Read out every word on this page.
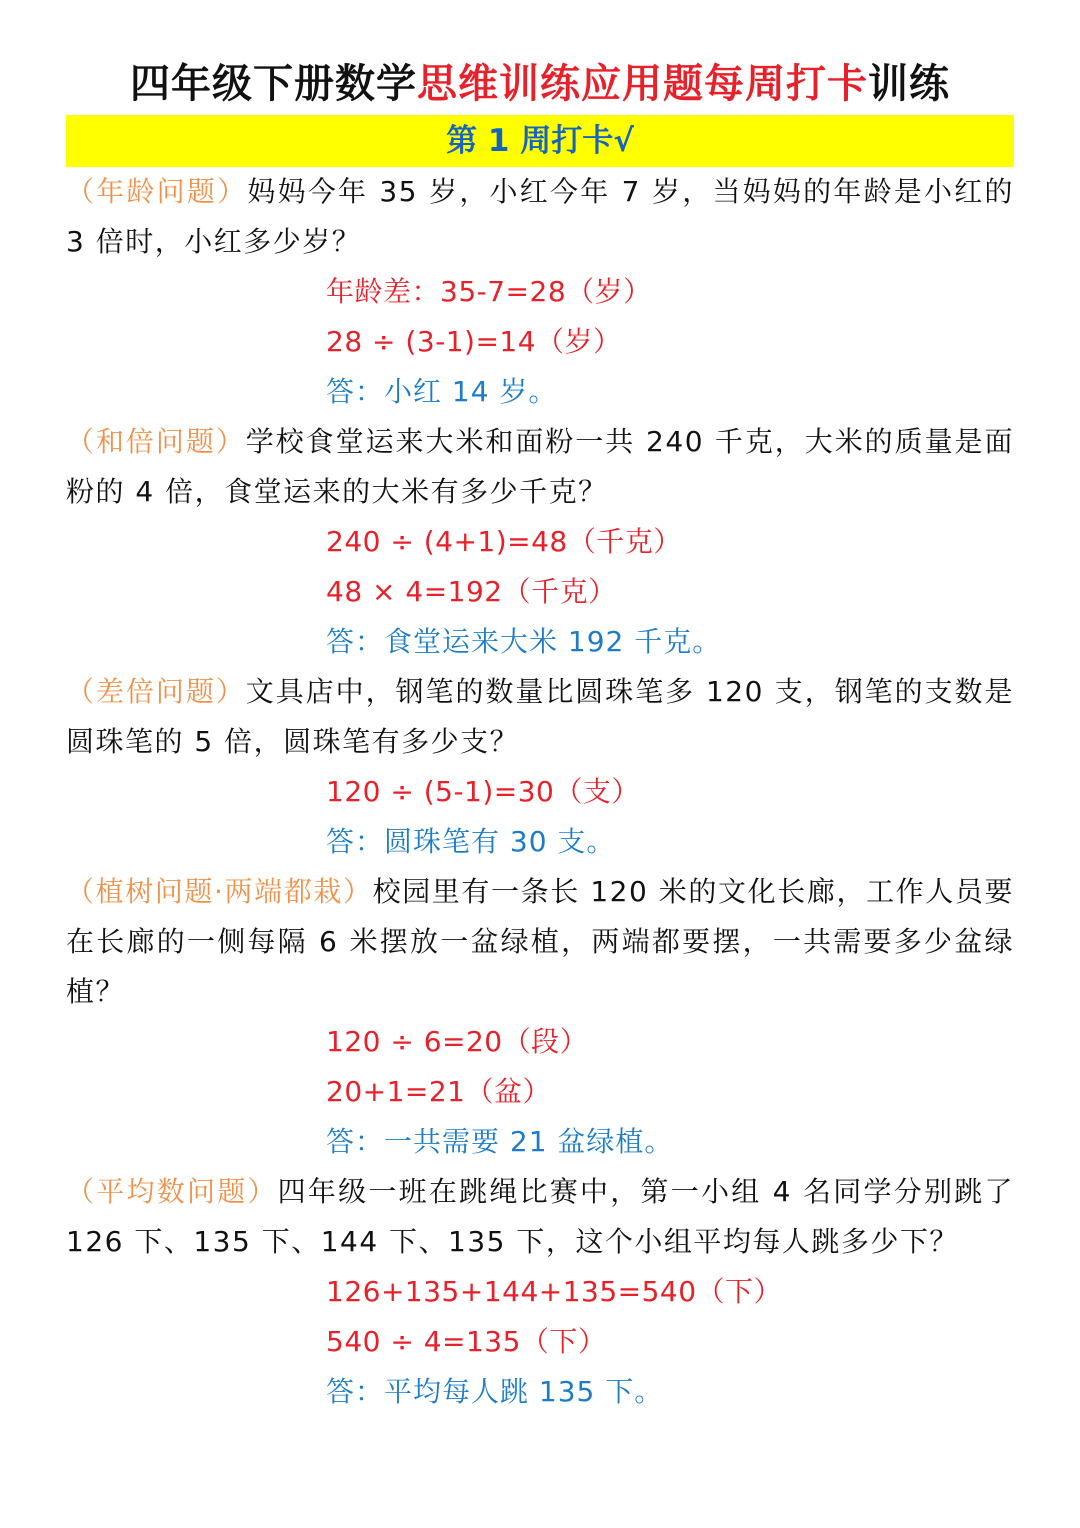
四年级下册数学思维训练应用题每周打卡训练
第 1 周打卡√
（年龄问题）妈妈今年 35 岁，小红今年 7 岁，当妈妈的年龄是小红的 3 倍时，小红多少岁？
年龄差：35-7=28（岁）
28 ÷ (3-1)=14（岁）
答：小红 14 岁。
（和倍问题）学校食堂运来大米和面粉一共 240 千克，大米的质量是面粉的 4 倍，食堂运来的大米有多少千克？
240 ÷ (4+1)=48（千克）
48 × 4=192（千克）
答：食堂运来大米 192 千克。
（差倍问题）文具店中，钢笔的数量比圆珠笔多 120 支，钢笔的支数是圆珠笔的 5 倍，圆珠笔有多少支？
120 ÷ (5-1)=30（支）
答：圆珠笔有 30 支。
（植树问题·两端都栽）校园里有一条长 120 米的文化长廊，工作人员要在长廊的一侧每隔 6 米摆放一盆绿植，两端都要摆，一共需要多少盆绿植？
120 ÷ 6=20（段）
20+1=21（盆）
答：一共需要 21 盆绿植。
（平均数问题）四年级一班在跳绳比赛中，第一小组 4 名同学分别跳了 126 下、135 下、144 下、135 下，这个小组平均每人跳多少下？
126+135+144+135=540（下）
540 ÷ 4=135（下）
答：平均每人跳 135 下。
